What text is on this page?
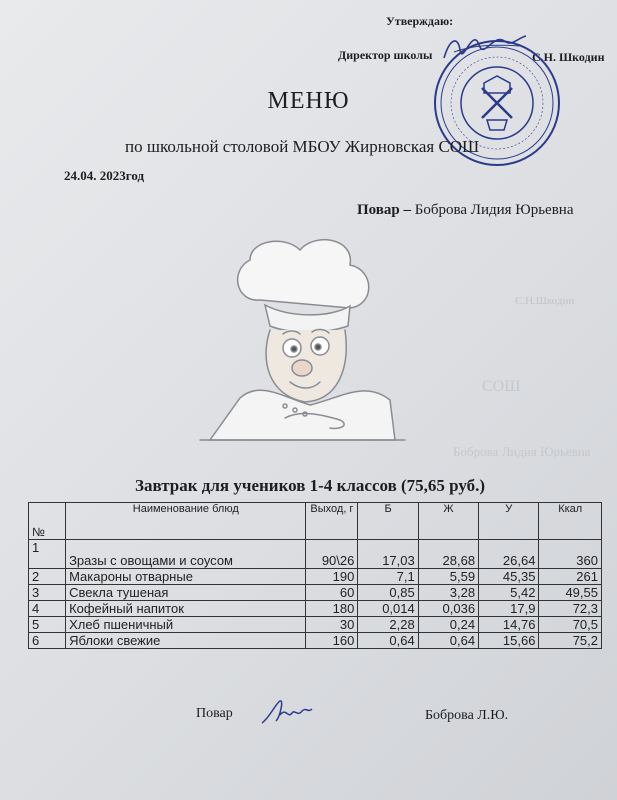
Утверждаю:
Директор школы	С.Н. Шкодин
МЕНЮ
по школьной столовой МБОУ Жирновская СОШ
24.04. 2023год
Повар – Боброва Лидия Юрьевна
С.Н.Шкодин
СОШ
Боброва Лидия Юрьевна
Завтрак для учеников 1-4 классов (75,65 руб.)
№	Наименование блюд	Выход, г	Б	Ж	У	Ккал
1	Зразы с овощами и соусом	90\26	17,03	28,68	26,64	360
2	Макароны отварные	190	7,1	5,59	45,35	261
3	Свекла тушеная	60	0,85	3,28	5,42	49,55
4	Кофейный напиток	180	0,014	0,036	17,9	72,3
5	Хлеб пшеничный	30	2,28	0,24	14,76	70,5
6	Яблоки свежие	160	0,64	0,64	15,66	75,2
Повар	Боброва Л.Ю.
